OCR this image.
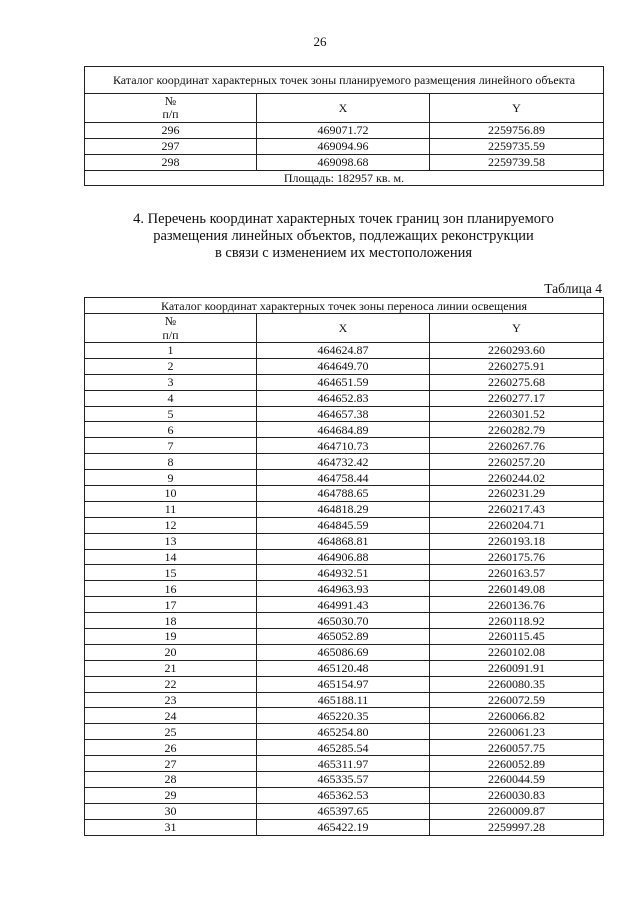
26
Каталог координат характерных точек зоны планируемого размещения линейного объекта		

№
п/п	X	Y
296	469071.72	2259756.89
297	469094.96	2259735.59
298	469098.68	2259739.58
Площадь: 182957 кв. м.		
4. Перечень координат характерных точек границ зон планируемого
размещения линейных объектов, подлежащих реконструкции
в связи с изменением их местоположения
Таблица 4
Каталог координат характерных точек зоны переноса линии освещения		

№
п/п	X	Y
1	464624.87	2260293.60
2	464649.70	2260275.91
3	464651.59	2260275.68
4	464652.83	2260277.17
5	464657.38	2260301.52
6	464684.89	2260282.79
7	464710.73	2260267.76
8	464732.42	2260257.20
9	464758.44	2260244.02
10	464788.65	2260231.29
11	464818.29	2260217.43
12	464845.59	2260204.71
13	464868.81	2260193.18
14	464906.88	2260175.76
15	464932.51	2260163.57
16	464963.93	2260149.08
17	464991.43	2260136.76
18	465030.70	2260118.92
19	465052.89	2260115.45
20	465086.69	2260102.08
21	465120.48	2260091.91
22	465154.97	2260080.35
23	465188.11	2260072.59
24	465220.35	2260066.82
25	465254.80	2260061.23
26	465285.54	2260057.75
27	465311.97	2260052.89
28	465335.57	2260044.59
29	465362.53	2260030.83
30	465397.65	2260009.87
31	465422.19	2259997.28
